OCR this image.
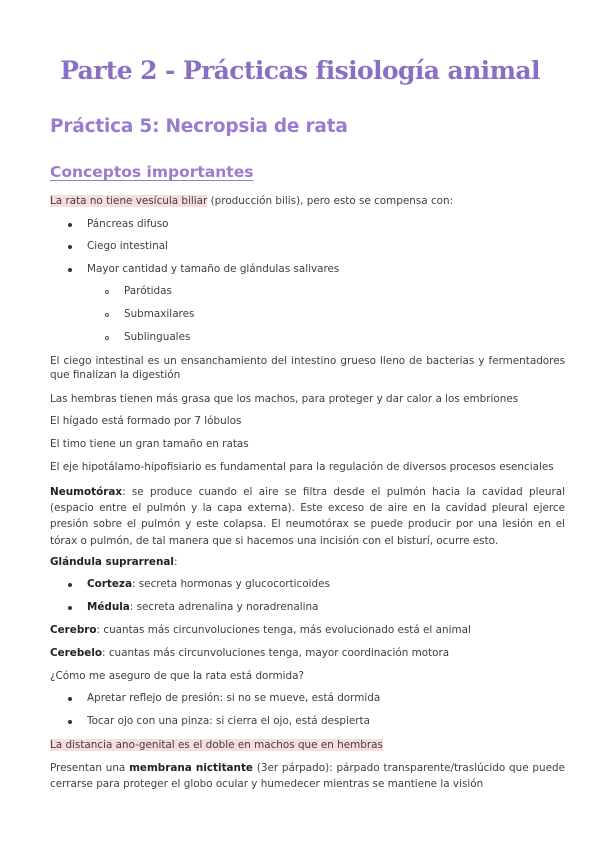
Parte 2 - Prácticas fisiología animal
Práctica 5: Necropsia de rata
Conceptos importantes

La rata no tiene vesícula biliar (producción bilis), pero esto se compensa con:

Páncreas difuso

Ciego intestinal

Mayor cantidad y tamaño de glándulas salivares

Parótidas

Submaxilares

Sublinguales

El ciego intestinal es un ensanchamiento del intestino grueso lleno de bacterias y fermentadores que finalizan la digestión

Las hembras tienen más grasa que los machos, para proteger y dar calor a los embriones

El hígado está formado por 7 lóbulos

El timo tiene un gran tamaño en ratas

El eje hipotálamo-hipofisiario es fundamental para la regulación de diversos procesos esenciales

Neumotórax: se produce cuando el aire se filtra desde el pulmón hacia la cavidad pleural (espacio entre el pulmón y la capa externa). Este exceso de aire en la cavidad pleural ejerce presión sobre el pulmón y este colapsa. El neumotórax se puede producir por una lesión en el tórax o pulmón, de tal manera que si hacemos una incisión con el bisturí, ocurre esto.

Glándula suprarrenal:

Corteza: secreta hormonas y glucocorticoides

Médula: secreta adrenalina y noradrenalina

Cerebro: cuantas más circunvoluciones tenga, más evolucionado está el animal

Cerebelo: cuantas más circunvoluciones tenga, mayor coordinación motora

¿Cómo me aseguro de que la rata está dormida?

Apretar reflejo de presión: si no se mueve, está dormida

Tocar ojo con una pinza: si cierra el ojo, está despierta

La distancia ano-genital es el doble en machos que en hembras

Presentan una membrana nictitante (3er párpado): párpado transparente/traslúcido que puede cerrarse para proteger el globo ocular y humedecer mientras se mantiene la visión
